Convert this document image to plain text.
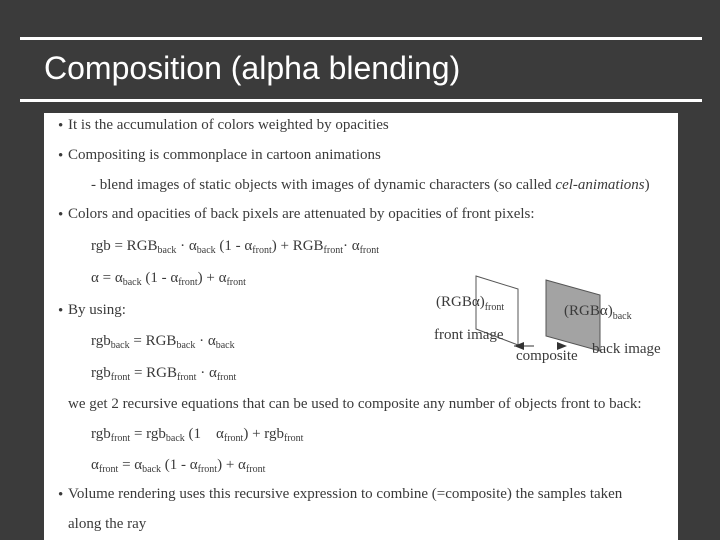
Composition (alpha blending)
• It is the accumulation of colors weighted by opacities
• Compositing is commonplace in cartoon animations
- blend images of static objects with images of dynamic characters (so called cel-animations)
• Colors and opacities of back pixels are attenuated by opacities of front pixels:
rgb = $RGB_{back} \cdot \alpha_{back}$ $(1 - \alpha_{front}) + RGB_{front}\cdot \alpha_{front}$
$\alpha = \alpha_{back}$ $(1 - \alpha_{front}) + \alpha_{front}$
• By using:
$rgb_{back} = RGB_{back} \cdot \alpha_{back}$
$rgb_{front} = RGB_{front} \cdot \alpha_{front}$
we get 2 recursive equations that can be used to composite any number of objects front to back:
rgb$_{front}$ = rgb$_{back}$ (1    $\alpha_{front}) + rgb_{front}$
$\alpha_{front} = \alpha_{back}$ $(1 - \alpha_{front}) + \alpha_{front}$
• Volume rendering uses this recursive expression to combine (=composite) the samples taken
along the ray
$(RGB\alpha)_{front}$	$(RGB\alpha)_{back}$
front image
back image
composite
